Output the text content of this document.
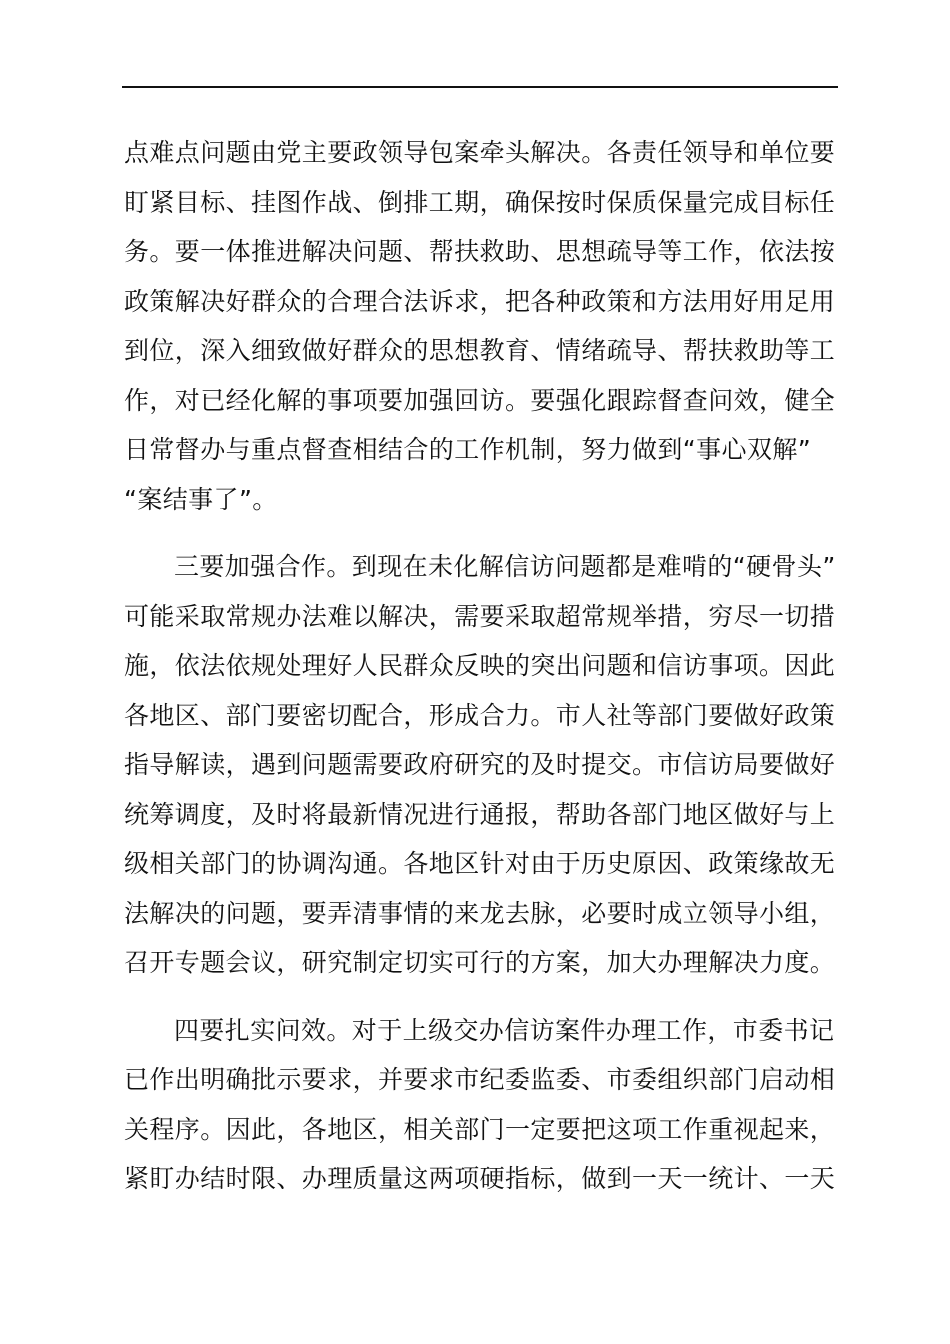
点难点问题由党主要政领导包案牵头解决。各责任领导和单位要
盯紧目标、挂图作战、倒排工期，确保按时保质保量完成目标任
务。要一体推进解决问题、帮扶救助、思想疏导等工作，依法按
政策解决好群众的合理合法诉求，把各种政策和方法用好用足用
到位，深入细致做好群众的思想教育、情绪疏导、帮扶救助等工
作，对已经化解的事项要加强回访。要强化跟踪督查问效，健全
日常督办与重点督查相结合的工作机制，努力做到“事心双解”
“案结事了”。
三要加强合作。到现在未化解信访问题都是难啃的“硬骨头”
可能采取常规办法难以解决，需要采取超常规举措，穷尽一切措
施，依法依规处理好人民群众反映的突出问题和信访事项。因此
各地区、部门要密切配合，形成合力。市人社等部门要做好政策
指导解读，遇到问题需要政府研究的及时提交。市信访局要做好
统筹调度，及时将最新情况进行通报，帮助各部门地区做好与上
级相关部门的协调沟通。各地区针对由于历史原因、政策缘故无
法解决的问题，要弄清事情的来龙去脉，必要时成立领导小组，
召开专题会议，研究制定切实可行的方案，加大办理解决力度。
四要扎实问效。对于上级交办信访案件办理工作，市委书记
已作出明确批示要求，并要求市纪委监委、市委组织部门启动相
关程序。因此，各地区，相关部门一定要把这项工作重视起来，
紧盯办结时限、办理质量这两项硬指标，做到一天一统计、一天
